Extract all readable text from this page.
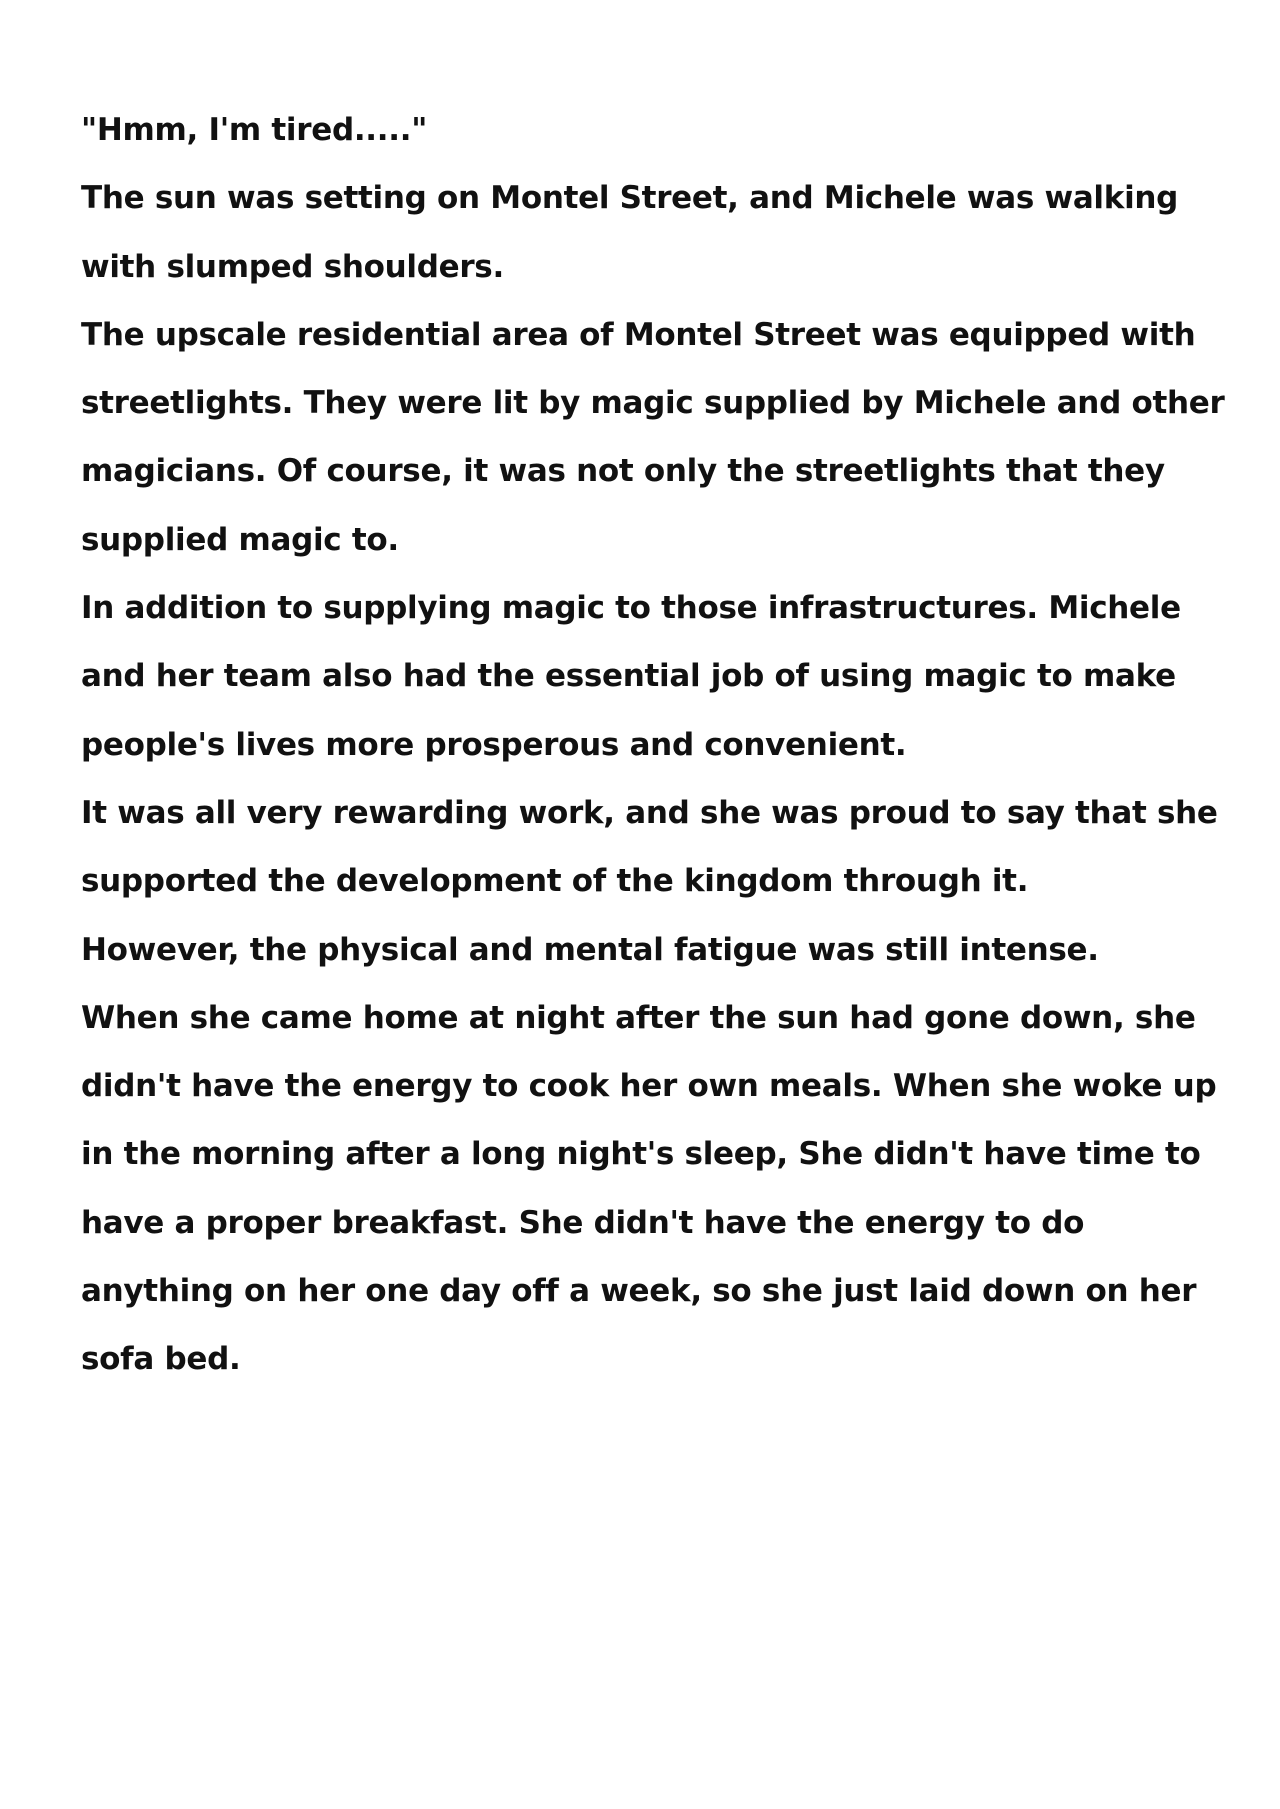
"Hmm, I'm tired....."

The sun was setting on Montel Street, and Michele was walking with slumped shoulders.

The upscale residential area of Montel Street was equipped with streetlights. They were lit by magic supplied by Michele and other magicians. Of course, it was not only the streetlights that they supplied magic to.

In addition to supplying magic to those infrastructures. Michele and her team also had the essential job of using magic to make people's lives more prosperous and convenient.

It was all very rewarding work, and she was proud to say that she supported the development of the kingdom through it.

However, the physical and mental fatigue was still intense.

When she came home at night after the sun had gone down, she didn't have the energy to cook her own meals. When she woke up in the morning after a long night's sleep, She didn't have time to have a proper breakfast. She didn't have the energy to do anything on her one day off a week, so she just laid down on her sofa bed.
